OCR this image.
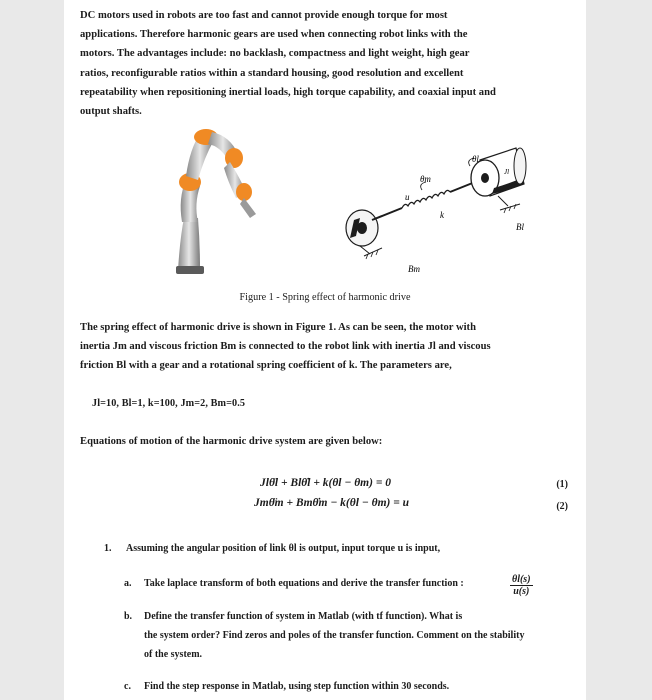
DC motors used in robots are too fast and cannot provide enough torque for most
applications. Therefore harmonic gears are used when connecting robot links with the
motors. The advantages include: no backlash, compactness and light weight, high gear
ratios, reconfigurable ratios within a standard housing, good resolution and excellent
repeatability when repositioning inertial loads, high torque capability, and coaxial input and
output shafts.

θl
θm
u
k
Jl
Bl
Bm
Figure 1 - Spring effect of harmonic drive

The spring effect of harmonic drive is shown in Figure 1. As can be seen, the motor with
inertia Jm and viscous friction Bm is connected to the robot link with inertia Jl and viscous
friction Bl with a gear and a rotational spring coefficient of k. The parameters are,

Jl=10, Bl=1, k=100, Jm=2, Bm=0.5

Equations of motion of the harmonic drive system are given below:

Jlθ̈l + Blθ̇l + k(θl − θm) = 0	(1)
Jmθ̈m + Bmθ̇m − k(θl − θm) = u	(2)
1. Assuming the angular position of link θl is output, input torque u is input,
a. Take laplace transform of both equations and derive the transfer function :	$\frac{\theta l(s)}{u(s)}$
b. Define the transfer function of system in Matlab (with tf function). What is
the system order? Find zeros and poles of the transfer function. Comment on the stability
of the system.
c. Find the step response in Matlab, using step function within 30 seconds.
